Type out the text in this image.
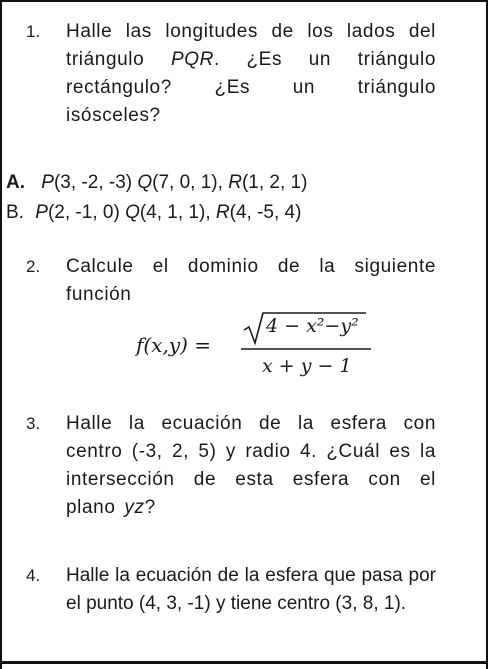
1. Halle las longitudes de los lados del triángulo PQR. ¿Es un triángulo rectángulo? ¿Es un triángulo isósceles?
A. P(3, -2, -3) Q(7, 0, 1), R(1, 2, 1)
B. P(2, -1, 0) Q(4, 1, 1), R(4, -5, 4)
2. Calcule el dominio de la siguiente función
f(x,y) =
4 − x²−y²
x + y − 1
3. Halle la ecuación de la esfera con centro (-3, 2, 5) y radio 4. ¿Cuál es la intersección de esta esfera con el plano yz?
4. Halle la ecuación de la esfera que pasa por el punto (4, 3, -1) y tiene centro (3, 8, 1).
